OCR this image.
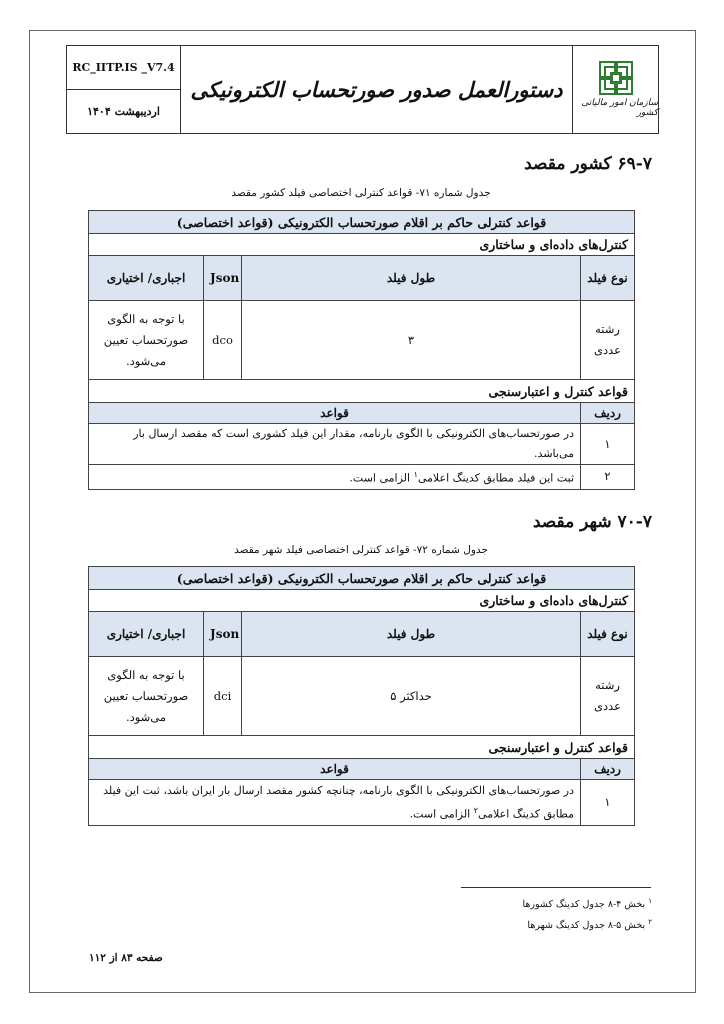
RC_IITP.IS _V7.4
اردیبهشت ۱۴۰۴
دستورالعمل صدور صورتحساب الکترونیکی
سازمان امور مالیاتی کشور
۶۹-۷ کشور مقصد
جدول شماره ۷۱- قواعد کنترلی اختصاصی فیلد کشور مقصد
قواعد کنترلی حاکم بر اقلام صورتحساب الکترونیکی (قواعد اختصاصی)			
کنترل‌های داده‌ای و ساختاری			
نوع فیلد	طول فیلد	Json	اجباری/ اختیاری
رشته عددی	۳	dco	با توجه به الگوی صورتحساب تعیین می‌شود.
قواعد کنترل و اعتبارسنجی			
ردیف	قواعد		
۱	در صورتحساب‌های الکترونیکی با الگوی بارنامه، مقدار این فیلد کشوری است که مقصد ارسال بار می‌باشد.		
۲	ثبت این فیلد مطابق کدینگ اعلامی$^۱$ الزامی است.		
۷۰-۷ شهر مقصد
جدول شماره ۷۲- قواعد کنترلی اختصاصی فیلد شهر مقصد
قواعد کنترلی حاکم بر اقلام صورتحساب الکترونیکی (قواعد اختصاصی)			
کنترل‌های داده‌ای و ساختاری			
نوع فیلد	طول فیلد	Json	اجباری/ اختیاری
رشته عددی	حداکثر ۵	dci	با توجه به الگوی صورتحساب تعیین می‌شود.
قواعد کنترل و اعتبارسنجی			
ردیف	قواعد		
۱	در صورتحساب‌های الکترونیکی با الگوی بارنامه، چنانچه کشور مقصد ارسال بار ایران باشد، ثبت این فیلد مطابق کدینگ اعلامی$^۲$ الزامی است.		
$^۱$ بخش ۴-۸ جدول کدینگ کشورها
$^۲$ بخش ۵-۸ جدول کدینگ شهرها
صفحه ۸۳ از ۱۱۲
